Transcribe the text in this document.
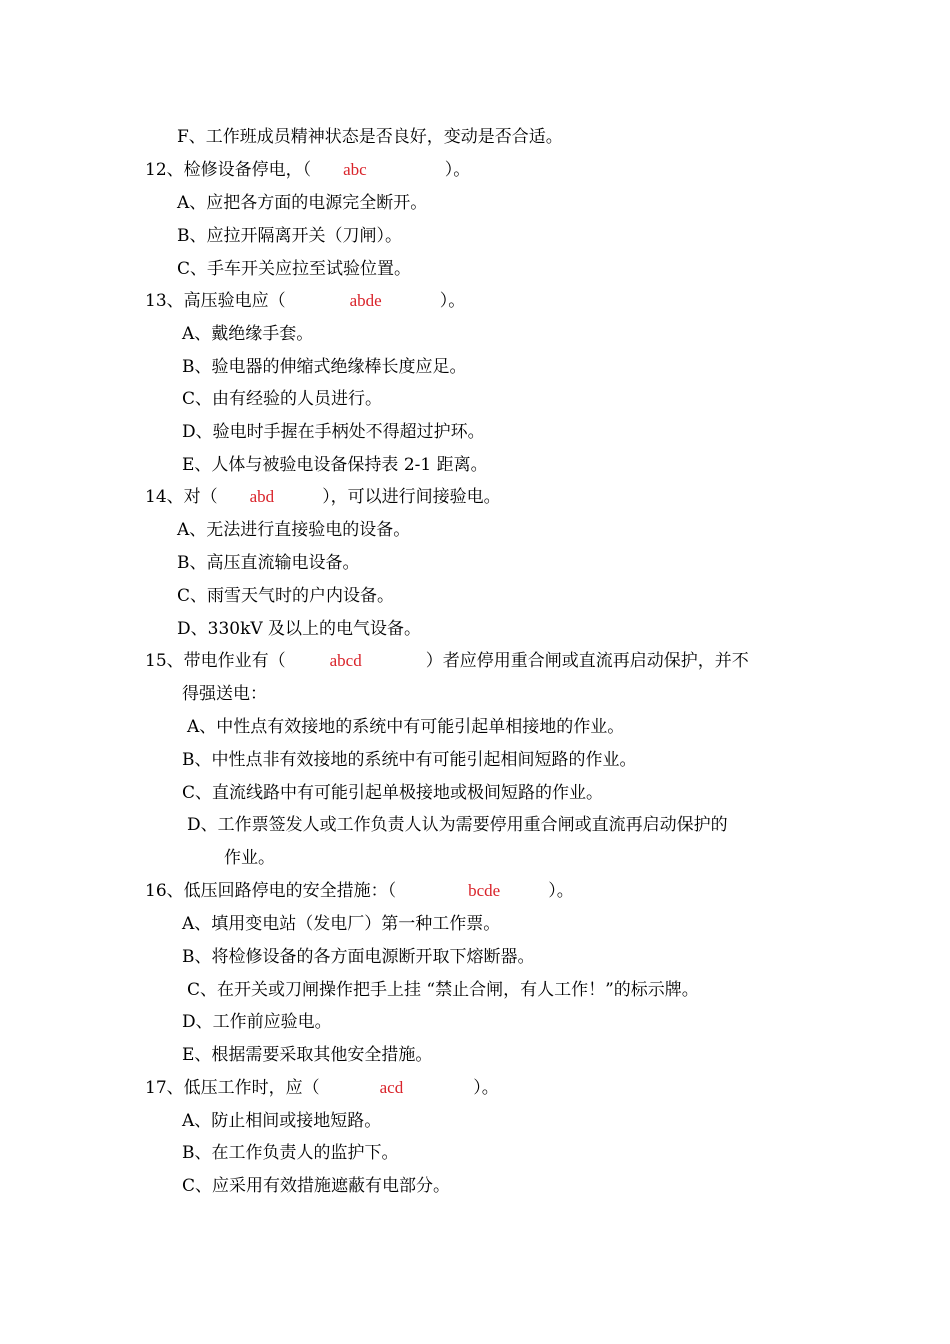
F、工作班成员精神状态是否良好，变动是否合适。
12、检修设备停电，（ abc	）。
A、应把各方面的电源完全断开。
B、应拉开隔离开关（刀闸）。
C、手车开关应拉至试验位置。
13、高压验电应（	abde	）。
A、戴绝缘手套。
B、验电器的伸缩式绝缘棒长度应足。
C、由有经验的人员进行。
D、验电时手握在手柄处不得超过护环。
E、人体与被验电设备保持表 2-1 距离。
14、对（ abd	），可以进行间接验电。
A、无法进行直接验电的设备。
B、高压直流输电设备。
C、雨雪天气时的户内设备。
D、330kV 及以上的电气设备。
15、带电作业有（	abcd	）者应停用重合闸或直流再启动保护，并不
得强送电：
A、中性点有效接地的系统中有可能引起单相接地的作业。
B、中性点非有效接地的系统中有可能引起相间短路的作业。
C、直流线路中有可能引起单极接地或极间短路的作业。
D、工作票签发人或工作负责人认为需要停用重合闸或直流再启动保护的
作业。
16、低压回路停电的安全措施：（	bcde	）。
A、填用变电站（发电厂）第一种工作票。
B、将检修设备的各方面电源断开取下熔断器。
C、在开关或刀闸操作把手上挂 “禁止合闸，有人工作！”的标示牌。
D、工作前应验电。
E、根据需要采取其他安全措施。
17、低压工作时，应（	acd	）。
A、防止相间或接地短路。
B、在工作负责人的监护下。
C、应采用有效措施遮蔽有电部分。
